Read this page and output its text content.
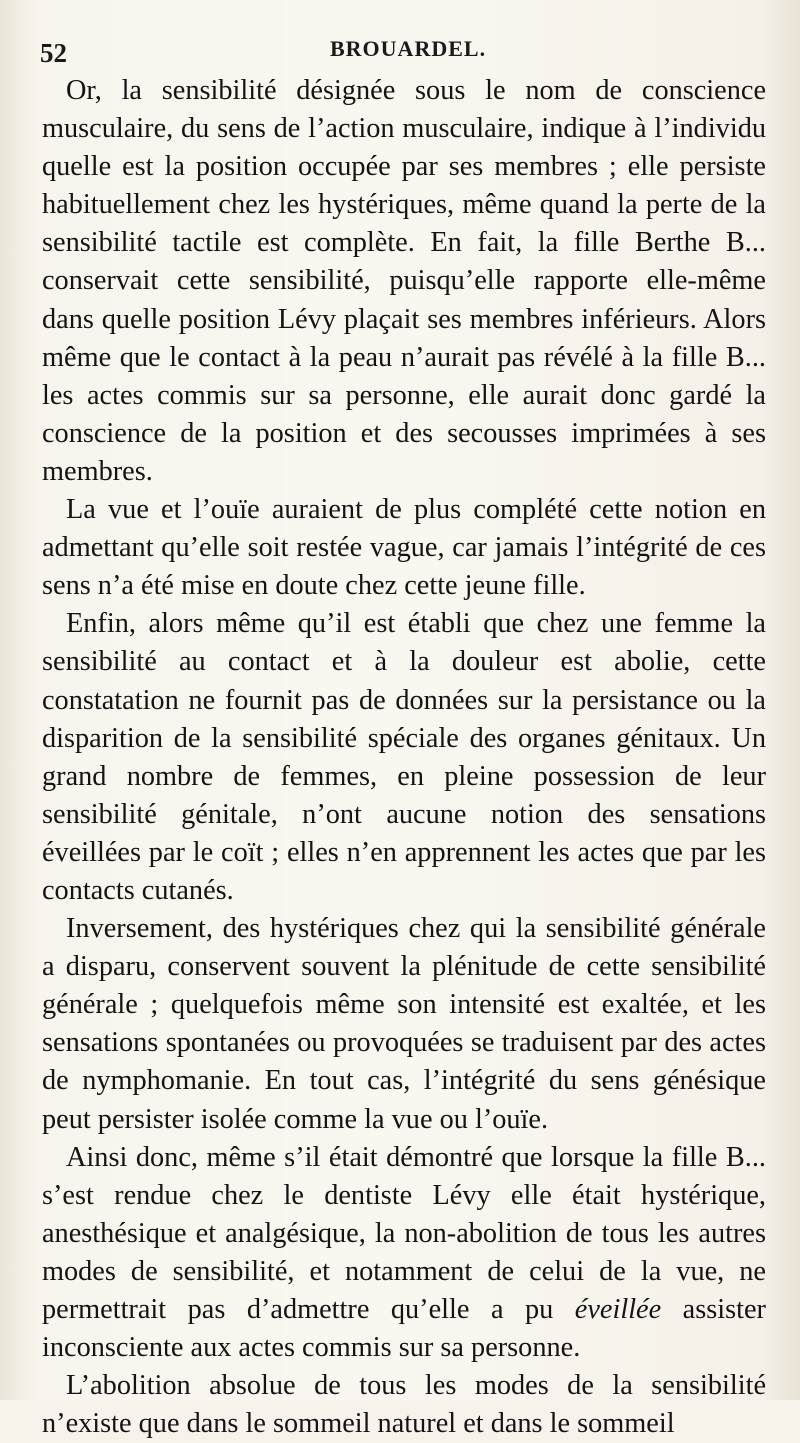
52	BROUARDEL.

Or, la sensibilité désignée sous le nom de conscience musculaire, du sens de l’action musculaire, indique à l’individu quelle est la position occupée par ses membres ; elle persiste habituellement chez les hystériques, même quand la perte de la sensibilité tactile est complète. En fait, la fille Berthe B... conservait cette sensibilité, puisqu’elle rapporte elle-même dans quelle position Lévy plaçait ses membres inférieurs. Alors même que le contact à la peau n’aurait pas révélé à la fille B... les actes commis sur sa personne, elle aurait donc gardé la conscience de la position et des secousses imprimées à ses membres.

La vue et l’ouïe auraient de plus complété cette notion en admettant qu’elle soit restée vague, car jamais l’intégrité de ces sens n’a été mise en doute chez cette jeune fille.

Enfin, alors même qu’il est établi que chez une femme la sensibilité au contact et à la douleur est abolie, cette constatation ne fournit pas de données sur la persistance ou la disparition de la sensibilité spéciale des organes génitaux. Un grand nombre de femmes, en pleine possession de leur sensibilité génitale, n’ont aucune notion des sensations éveillées par le coït ; elles n’en apprennent les actes que par les contacts cutanés.

Inversement, des hystériques chez qui la sensibilité générale a disparu, conservent souvent la plénitude de cette sensibilité générale ; quelquefois même son intensité est exaltée, et les sensations spontanées ou provoquées se traduisent par des actes de nymphomanie. En tout cas, l’intégrité du sens génésique peut persister isolée comme la vue ou l’ouïe.

Ainsi donc, même s’il était démontré que lorsque la fille B... s’est rendue chez le dentiste Lévy elle était hystérique, anesthésique et analgésique, la non-abolition de tous les autres modes de sensibilité, et notamment de celui de la vue, ne permettrait pas d’admettre qu’elle a pu éveillée assister inconsciente aux actes commis sur sa personne.

L’abolition absolue de tous les modes de la sensibilité n’existe que dans le sommeil naturel et dans le sommeil
